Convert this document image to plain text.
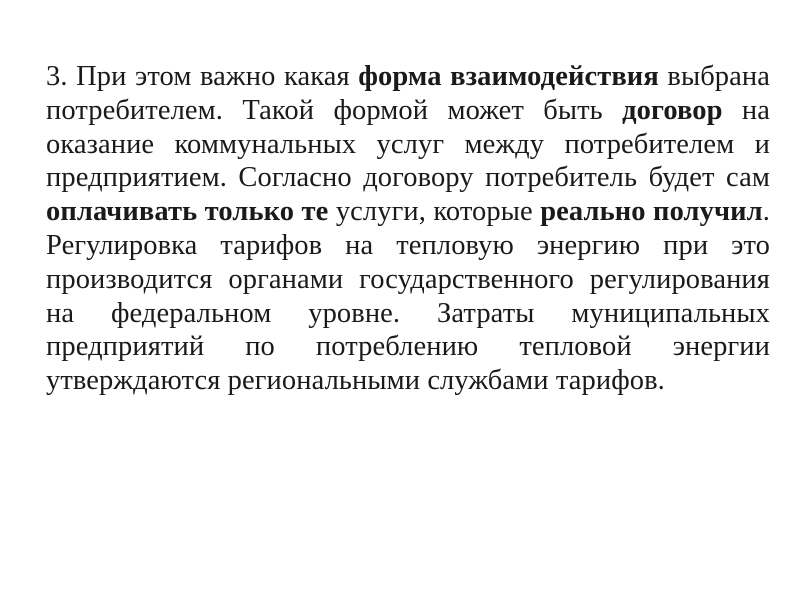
3. При этом важно какая форма взаимодействия выбрана потребителем. Такой формой может быть договор на оказание коммунальных услуг между потребителем и предприятием. Согласно договору потребитель будет сам оплачивать только те услуги, которые реально получил. Регулировка тарифов на тепловую энергию при это производится органами государственного регулирования на федеральном уровне. Затраты муниципальных предприятий по потреблению тепловой энергии утверждаются региональными службами тарифов.
